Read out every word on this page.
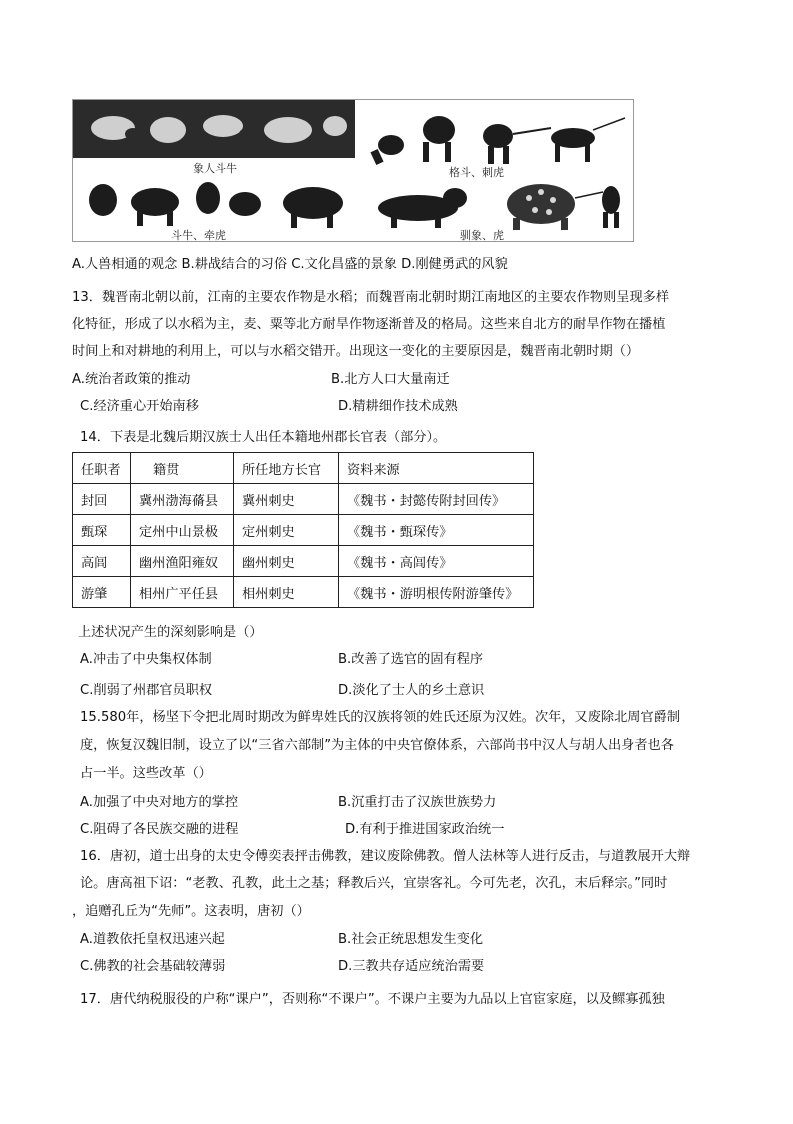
象人斗牛	格斗、刺虎
斗牛、牵虎	驯象、虎
A.人兽相通的观念 B.耕战结合的习俗 C.文化昌盛的景象 D.刚健勇武的风貌
13．魏晋南北朝以前，江南的主要农作物是水稻；而魏晋南北朝时期江南地区的主要农作物则呈现多样
化特征，形成了以水稻为主，麦、粟等北方耐旱作物逐渐普及的格局。这些来自北方的耐旱作物在播植
时间上和对耕地的利用上，可以与水稻交错开。出现这一变化的主要原因是，魏晋南北朝时期（）
A.统治者政策的推动	B.北方人口大量南迁
C.经济重心开始南移	D.精耕细作技术成熟
14．下表是北魏后期汉族士人出任本籍地州郡长官表（部分）。
任职者	籍贯	所任地方长官	资料来源
封回	冀州渤海蓨县	冀州刺史	《魏书・封懿传附封回传》
甄琛	定州中山景极	定州刺史	《魏书・甄琛传》
高闾	幽州渔阳雍奴	幽州刺史	《魏书・高闾传》
游肇	相州广平任县	相州刺史	《魏书・游明根传附游肇传》
上述状况产生的深刻影响是（）
A.冲击了中央集权体制	B.改善了选官的固有程序
C.削弱了州郡官员职权	D.淡化了士人的乡土意识
15.580年，杨坚下令把北周时期改为鲜卑姓氏的汉族将领的姓氏还原为汉姓。次年，又废除北周官爵制
度，恢复汉魏旧制，设立了以“三省六部制”为主体的中央官僚体系，六部尚书中汉人与胡人出身者也各
占一半。这些改革（）
A.加强了中央对地方的掌控	B.沉重打击了汉族世族势力
C.阻碍了各民族交融的进程	D.有利于推进国家政治统一
16．唐初，道士出身的太史令傅奕表抨击佛教，建议废除佛教。僧人法林等人进行反击，与道教展开大辩
论。唐高祖下诏：“老教、孔教，此土之基；释教后兴，宜崇客礼。今可先老，次孔，末后释宗。”同时
，追赠孔丘为“先师”。这表明，唐初（）
A.道教依托皇权迅速兴起	B.社会正统思想发生变化
C.佛教的社会基础较薄弱	D.三教共存适应统治需要
17．唐代纳税服役的户称“课户”，否则称“不课户”。不课户主要为九品以上官宦家庭，以及鳏寡孤独
